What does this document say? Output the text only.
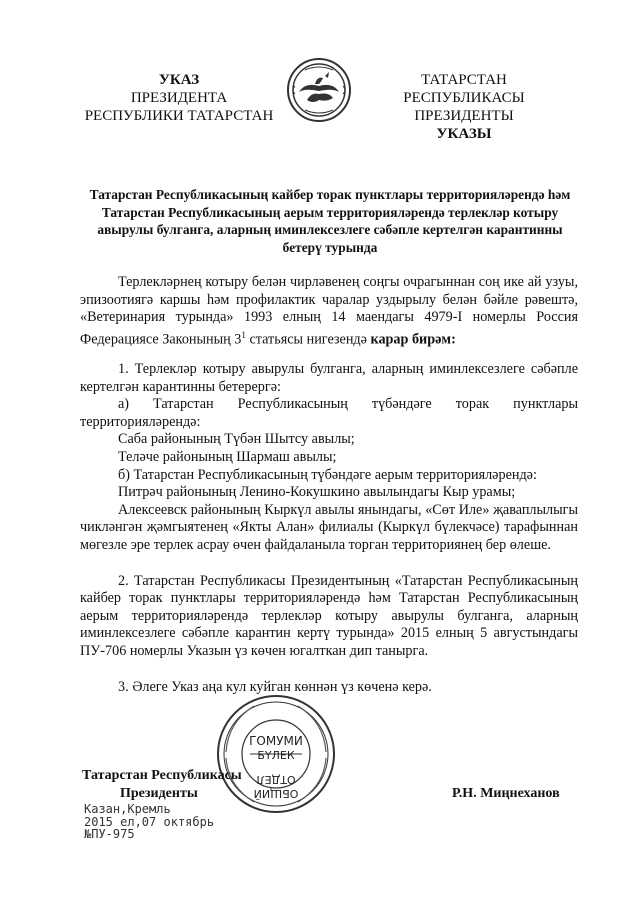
УКАЗ
ПРЕЗИДЕНТА
РЕСПУБЛИКИ ТАТАРСТАН
ТАТАРСТАН РЕСПУБЛИКАСЫ
ПРЕЗИДЕНТЫ
УКАЗЫ
Татарстан Республикасының кайбер торак пунктлары территорияләрендә һәм Татарстан Республикасының аерым территорияләрендә терлекләр котыру авырулы булганга, аларның иминлексезлеге сәбәпле кертелгән карантинны бетерү турында

Терлекләрнең котыру белән чирләвенең соңгы очрагыннан соң ике ай узуы, эпизоотиягә каршы һәм профилактик чаралар уздырылу белән бәйле рәвештә, «Ветеринария турында» 1993 елның 14 маендагы 4979-I номерлы Россия Федерациясе Законының $3^1$ статьясы нигезендә карар бирәм:

1. Терлекләр котыру авырулы булганга, аларның иминлексезлеге сәбәпле кертелгән карантинны бетерергә:

а) Татарстан Республикасының түбәндәге торак пунктлары территорияләрендә:

Саба районының Түбән Шытсу авылы;

Теләче районының Шармаш авылы;

б) Татарстан Республикасының түбәндәге аерым территорияләрендә:

Питрәч районының Ленино-Кокушкино авылындагы Кыр урамы;

Алексеевск районының Кыркүл авылы янындагы, «Сөт Иле» җаваплылыгы чикләнгән җәмгыятенең «Якты Алан» филиалы (Кыркүл бүлекчәсе) тарафыннан мөгезле эре терлек асрау өчен файдаланыла торган территориянең бер өлеше.

2. Татарстан Республикасы Президентының «Татарстан Республикасының кайбер торак пунктлары территорияләрендә һәм Татарстан Республикасының аерым территорияләрендә терлекләр котыру авырулы булганга, аларның иминлексезлеге сәбәпле карантин кертү турында» 2015 елның 5 августындагы ПУ-706 номерлы Указын үз көчен югалткан дип танырга.

3. Әлеге Указ аңа кул куйган көннән үз көченә керә.

ГОМУМИ
БҮЛЕК
ОТДЕЛ
ОБЩИЙ
Татарстан Республикасы
Президенты	Р.Н. Миңнеханов
Казан,Кремль
2015 ел,07 октябрь
№ПУ-975
